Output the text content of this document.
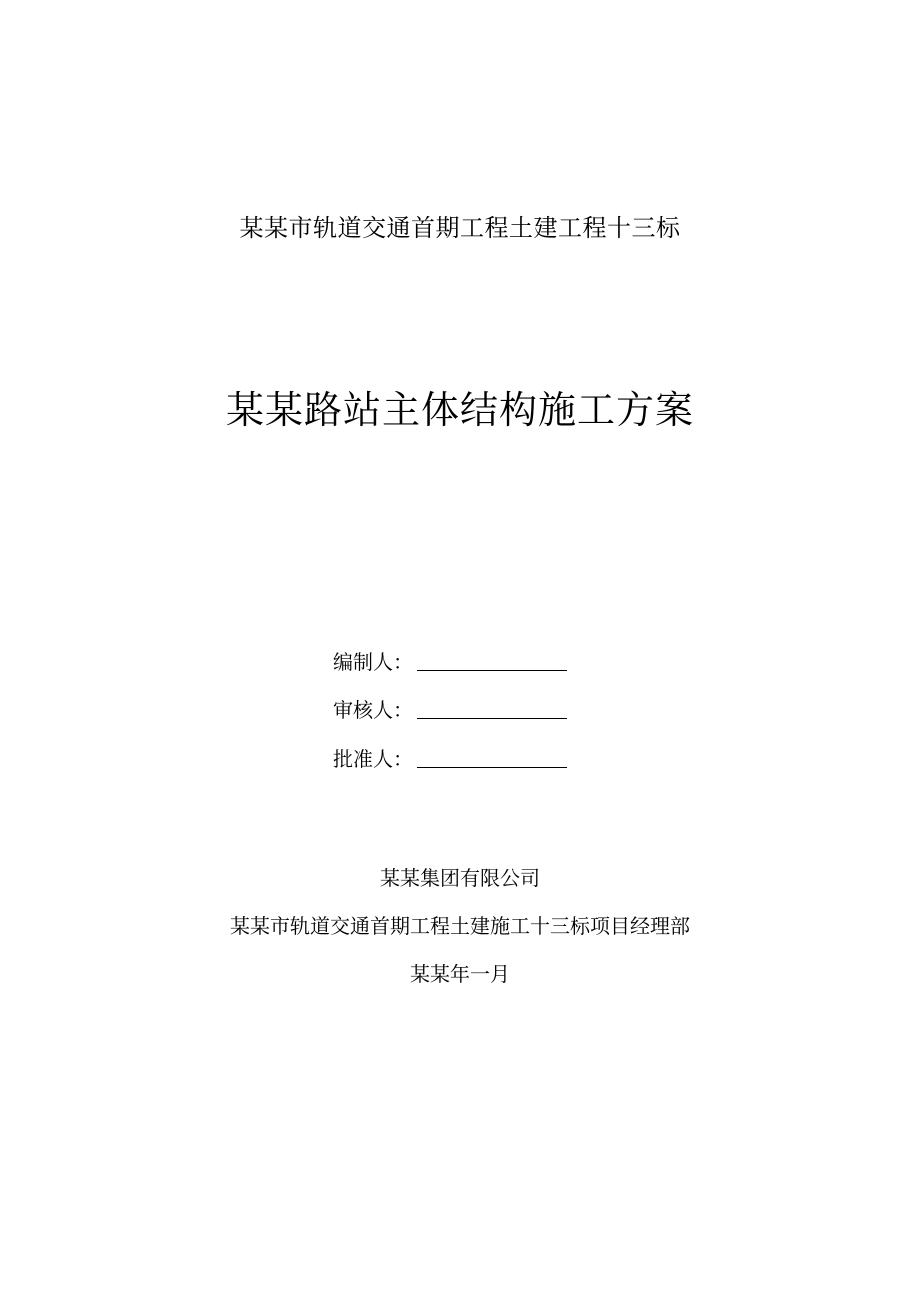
某某市轨道交通首期工程土建工程十三标
某某路站主体结构施工方案
编制人：
审核人：
批准人：
某某集团有限公司
某某市轨道交通首期工程土建施工十三标项目经理部
某某年一月
